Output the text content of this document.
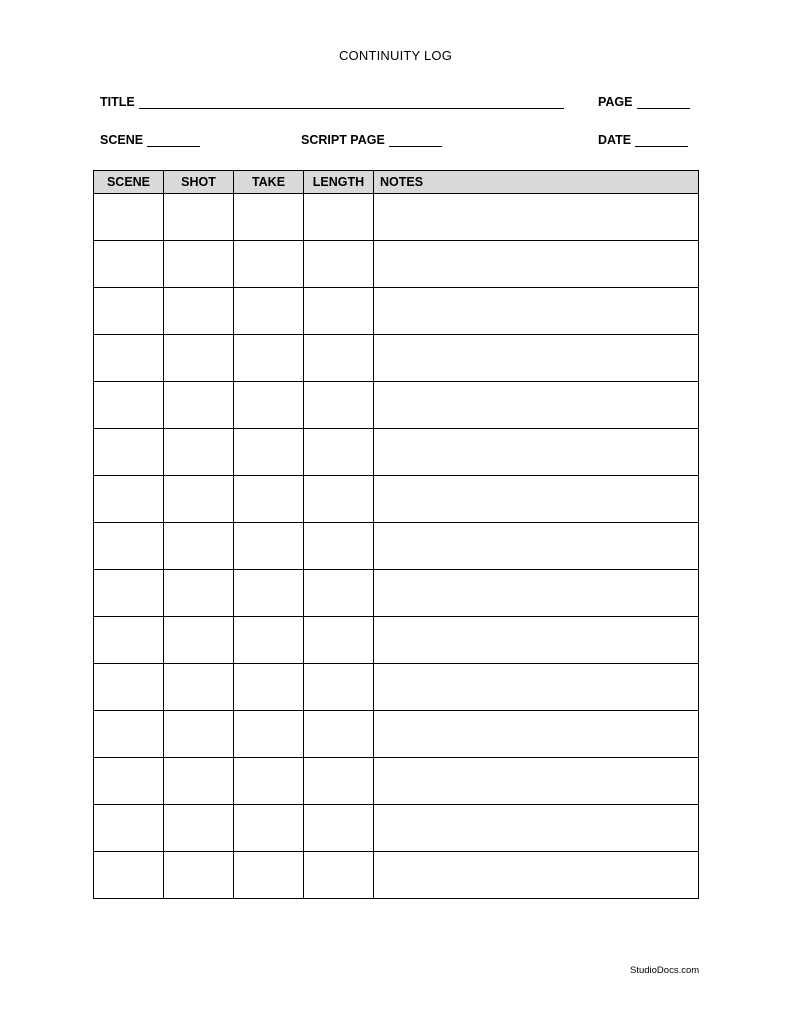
CONTINUITY LOG
TITLE	PAGE
SCENE	SCRIPT PAGE	DATE
SCENE	SHOT	TAKE	LENGTH	NOTES

StudioDocs.com
